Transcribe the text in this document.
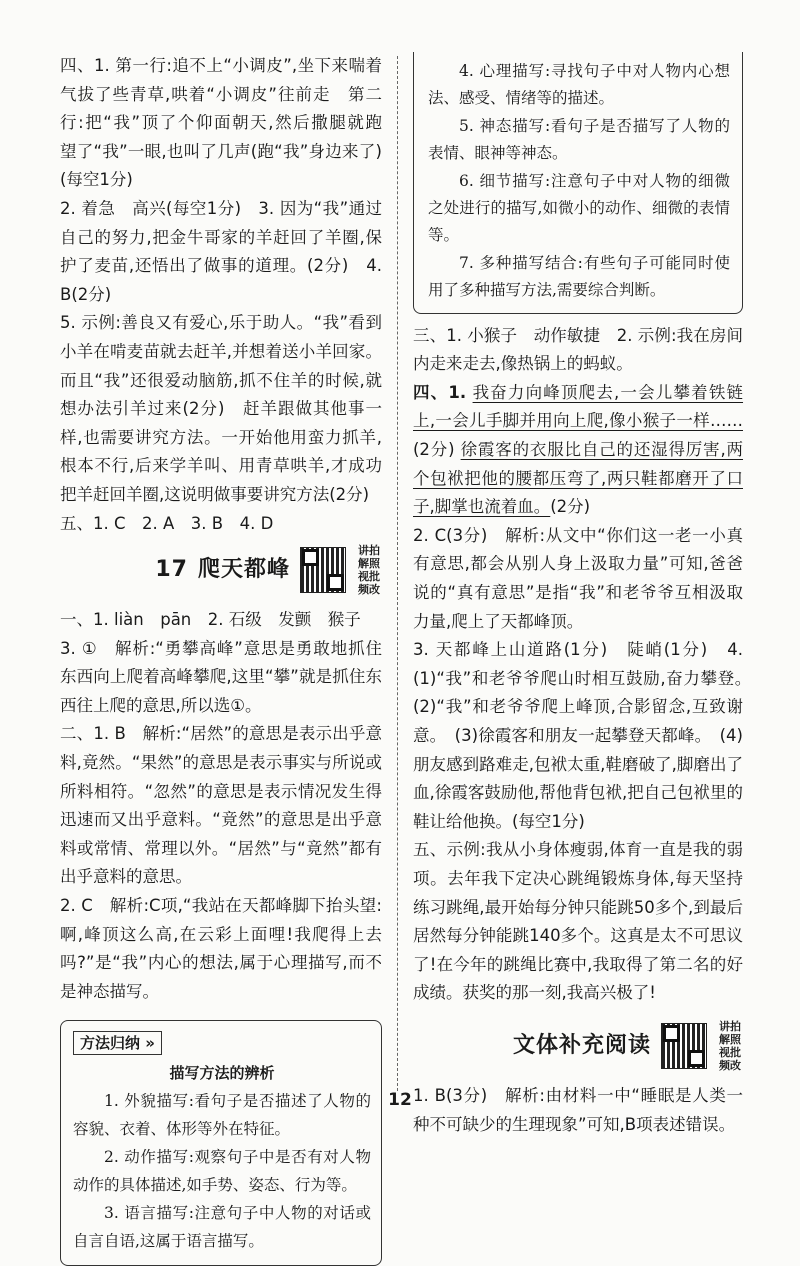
四、1. 第一行:追不上“小调皮”,坐下来喘着气拔了些青草,哄着“小调皮”往前走　第二行:把“我”顶了个仰面朝天,然后撒腿就跑　望了“我”一眼,也叫了几声(跑“我”身边来了)(每空1分)

2. 着急　高兴(每空1分)　3. 因为“我”通过自己的努力,把金牛哥家的羊赶回了羊圈,保护了麦苗,还悟出了做事的道理。(2分)　4. B(2分)

5. 示例:善良又有爱心,乐于助人。“我”看到小羊在啃麦苗就去赶羊,并想着送小羊回家。而且“我”还很爱动脑筋,抓不住羊的时候,就想办法引羊过来(2分)　赶羊跟做其他事一样,也需要讲究方法。一开始他用蛮力抓羊,根本不行,后来学羊叫、用青草哄羊,才成功把羊赶回羊圈,这说明做事要讲究方法(2分)

五、1. C　2. A　3. B　4. D

17 爬天都峰
讲拍解照视批频改

一、1. liàn　pān　2. 石级　发颤　猴子

3. ①　解析:“勇攀高峰”意思是勇敢地抓住东西向上爬着高峰攀爬,这里“攀”就是抓住东西往上爬的意思,所以选①。

二、1. B　解析:“居然”的意思是表示出乎意料,竟然。“果然”的意思是表示事实与所说或所料相符。“忽然”的意思是表示情况发生得迅速而又出乎意料。“竟然”的意思是出乎意料或常情、常理以外。“居然”与“竟然”都有出乎意料的意思。

2. C　解析:C项,“我站在天都峰脚下抬头望:啊,峰顶这么高,在云彩上面哩!我爬得上去吗?”是“我”内心的想法,属于心理描写,而不是神态描写。

方法归纳 »
描写方法的辨析

1. 外貌描写:看句子是否描述了人物的容貌、衣着、体形等外在特征。

2. 动作描写:观察句子中是否有对人物动作的具体描述,如手势、姿态、行为等。

3. 语言描写:注意句子中人物的对话或自言自语,这属于语言描写。

4. 心理描写:寻找句子中对人物内心想法、感受、情绪等的描述。

5. 神态描写:看句子是否描写了人物的表情、眼神等神态。

6. 细节描写:注意句子中对人物的细微之处进行的描写,如微小的动作、细微的表情等。

7. 多种描写结合:有些句子可能同时使用了多种描写方法,需要综合判断。

三、1. 小猴子　动作敏捷　2. 示例:我在房间内走来走去,像热锅上的蚂蚁。

四、1. 我奋力向峰顶爬去,一会儿攀着铁链上,一会儿手脚并用向上爬,像小猴子一样……(2分) 徐霞客的衣服比自己的还湿得厉害,两个包袱把他的腰都压弯了,两只鞋都磨开了口子,脚掌也流着血。(2分)

2. C(3分)　解析:从文中“你们这一老一小真有意思,都会从别人身上汲取力量”可知,爸爸说的“真有意思”是指“我”和老爷爷互相汲取力量,爬上了天都峰顶。

3. 天都峰上山道路(1分)　陡峭(1分)　4. (1)“我”和老爷爷爬山时相互鼓励,奋力攀登。　(2)“我”和老爷爷爬上峰顶,合影留念,互致谢意。　(3)徐霞客和朋友一起攀登天都峰。　(4)朋友感到路难走,包袱太重,鞋磨破了,脚磨出了血,徐霞客鼓励他,帮他背包袱,把自己包袱里的鞋让给他换。(每空1分)

五、示例:我从小身体瘦弱,体育一直是我的弱项。去年我下定决心跳绳锻炼身体,每天坚持练习跳绳,最开始每分钟只能跳50多个,到最后居然每分钟能跳140多个。这真是太不可思议了!在今年的跳绳比赛中,我取得了第二名的好成绩。获奖的那一刻,我高兴极了!

文体补充阅读
讲拍解照视批频改

1. B(3分)　解析:由材料一中“睡眠是人类一种不可缺少的生理现象”可知,B项表述错误。

12
